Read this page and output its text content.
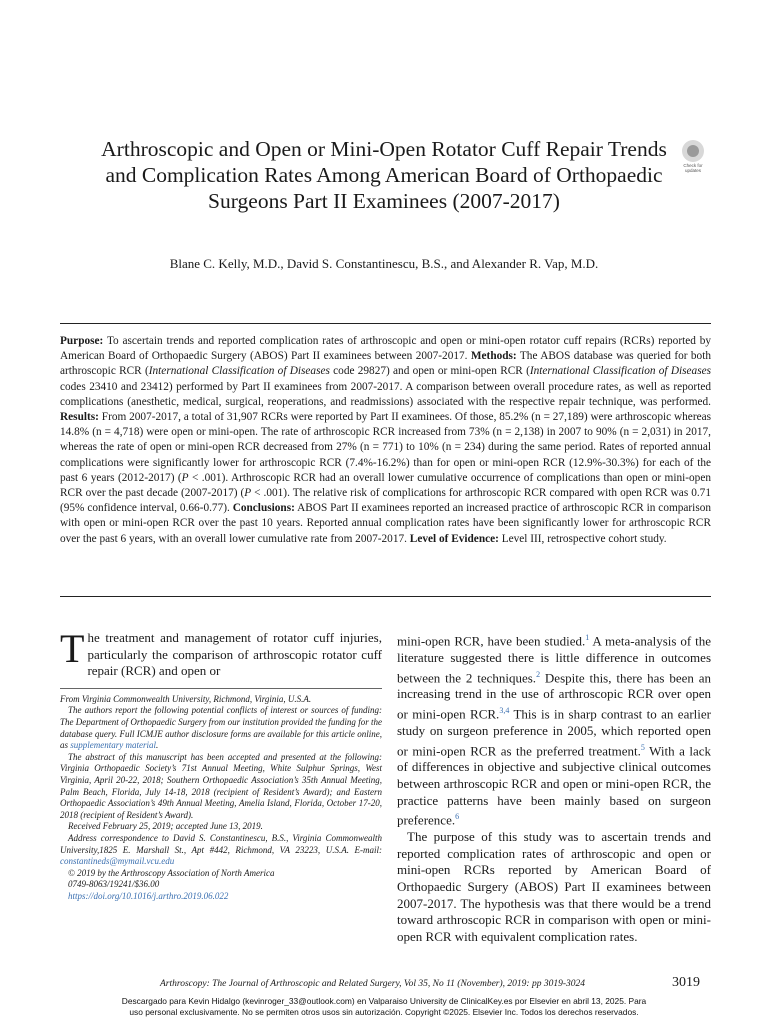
Arthroscopic and Open or Mini-Open Rotator Cuff Repair Trends and Complication Rates Among American Board of Orthopaedic Surgeons Part II Examinees (2007-2017)
Check for updates
Blane C. Kelly, M.D., David S. Constantinescu, B.S., and Alexander R. Vap, M.D.
Purpose: To ascertain trends and reported complication rates of arthroscopic and open or mini-open rotator cuff repairs (RCRs) reported by American Board of Orthopaedic Surgery (ABOS) Part II examinees between 2007-2017. Methods: The ABOS database was queried for both arthroscopic RCR (International Classification of Diseases code 29827) and open or mini-open RCR (International Classification of Diseases codes 23410 and 23412) performed by Part II examinees from 2007-2017. A comparison between overall procedure rates, as well as reported complications (anesthetic, medical, surgical, reoperations, and readmissions) associated with the respective repair technique, was performed. Results: From 2007-2017, a total of 31,907 RCRs were reported by Part II examinees. Of those, 85.2% (n = 27,189) were arthroscopic whereas 14.8% (n = 4,718) were open or mini-open. The rate of arthroscopic RCR increased from 73% (n = 2,138) in 2007 to 90% (n = 2,031) in 2017, whereas the rate of open or mini-open RCR decreased from 27% (n = 771) to 10% (n = 234) during the same period. Rates of reported annual complications were significantly lower for arthroscopic RCR (7.4%-16.2%) than for open or mini-open RCR (12.9%-30.3%) for each of the past 6 years (2012-2017) (P < .001). Arthroscopic RCR had an overall lower cumulative occurrence of complications than open or mini-open RCR over the past decade (2007-2017) (P < .001). The relative risk of complications for arthroscopic RCR compared with open RCR was 0.71 (95% confidence interval, 0.66-0.77). Conclusions: ABOS Part II examinees reported an increased practice of arthroscopic RCR in comparison with open or mini-open RCR over the past 10 years. Reported annual complication rates have been significantly lower for arthroscopic RCR over the past 6 years, with an overall lower cumulative rate from 2007-2017. Level of Evidence: Level III, retrospective cohort study.

The treatment and management of rotator cuff injuries, particularly the comparison of arthroscopic rotator cuff repair (RCR) and open or

From Virginia Commonwealth University, Richmond, Virginia, U.S.A.

The authors report the following potential conflicts of interest or sources of funding: The Department of Orthopaedic Surgery from our institution provided the funding for the database query. Full ICMJE author disclosure forms are available for this article online, as supplementary material.

The abstract of this manuscript has been accepted and presented at the following: Virginia Orthopaedic Society’s 71st Annual Meeting, White Sulphur Springs, West Virginia, April 20-22, 2018; Southern Orthopaedic Association’s 35th Annual Meeting, Palm Beach, Florida, July 14-18, 2018 (recipient of Resident’s Award); and Eastern Orthopaedic Association’s 49th Annual Meeting, Amelia Island, Florida, October 17-20, 2018 (recipient of Resident’s Award).

Received February 25, 2019; accepted June 13, 2019.

Address correspondence to David S. Constantinescu, B.S., Virginia Commonwealth University,1825 E. Marshall St., Apt #442, Richmond, VA 23223, U.S.A. E-mail: constantineds@mymail.vcu.edu

© 2019 by the Arthroscopy Association of North America

0749-8063/19241/$36.00

https://doi.org/10.1016/j.arthro.2019.06.022

mini-open RCR, have been studied.$^1$ A meta-analysis of the literature suggested there is little difference in outcomes between the 2 techniques.$^2$ Despite this, there has been an increasing trend in the use of arthroscopic RCR over open or mini-open RCR.$^{3,4}$ This is in sharp contrast to an earlier study on surgeon preference in 2005, which reported open or mini-open RCR as the preferred treatment.$^5$ With a lack of differences in objective and subjective clinical outcomes between arthroscopic RCR and open or mini-open RCR, the practice patterns have been mainly based on surgeon preference.$^6$

The purpose of this study was to ascertain trends and reported complication rates of arthroscopic and open or mini-open RCRs reported by American Board of Orthopaedic Surgery (ABOS) Part II examinees between 2007-2017. The hypothesis was that there would be a trend toward arthroscopic RCR in comparison with open or mini-open RCR with equivalent complication rates.

Arthroscopy: The Journal of Arthroscopic and Related Surgery, Vol 35, No 11 (November), 2019: pp 3019-3024	3019
Descargado para Kevin Hidalgo (kevinroger_33@outlook.com) en Valparaiso University de ClinicalKey.es por Elsevier en abril 13, 2025. Para
uso personal exclusivamente. No se permiten otros usos sin autorización. Copyright ©2025. Elsevier Inc. Todos los derechos reservados.
